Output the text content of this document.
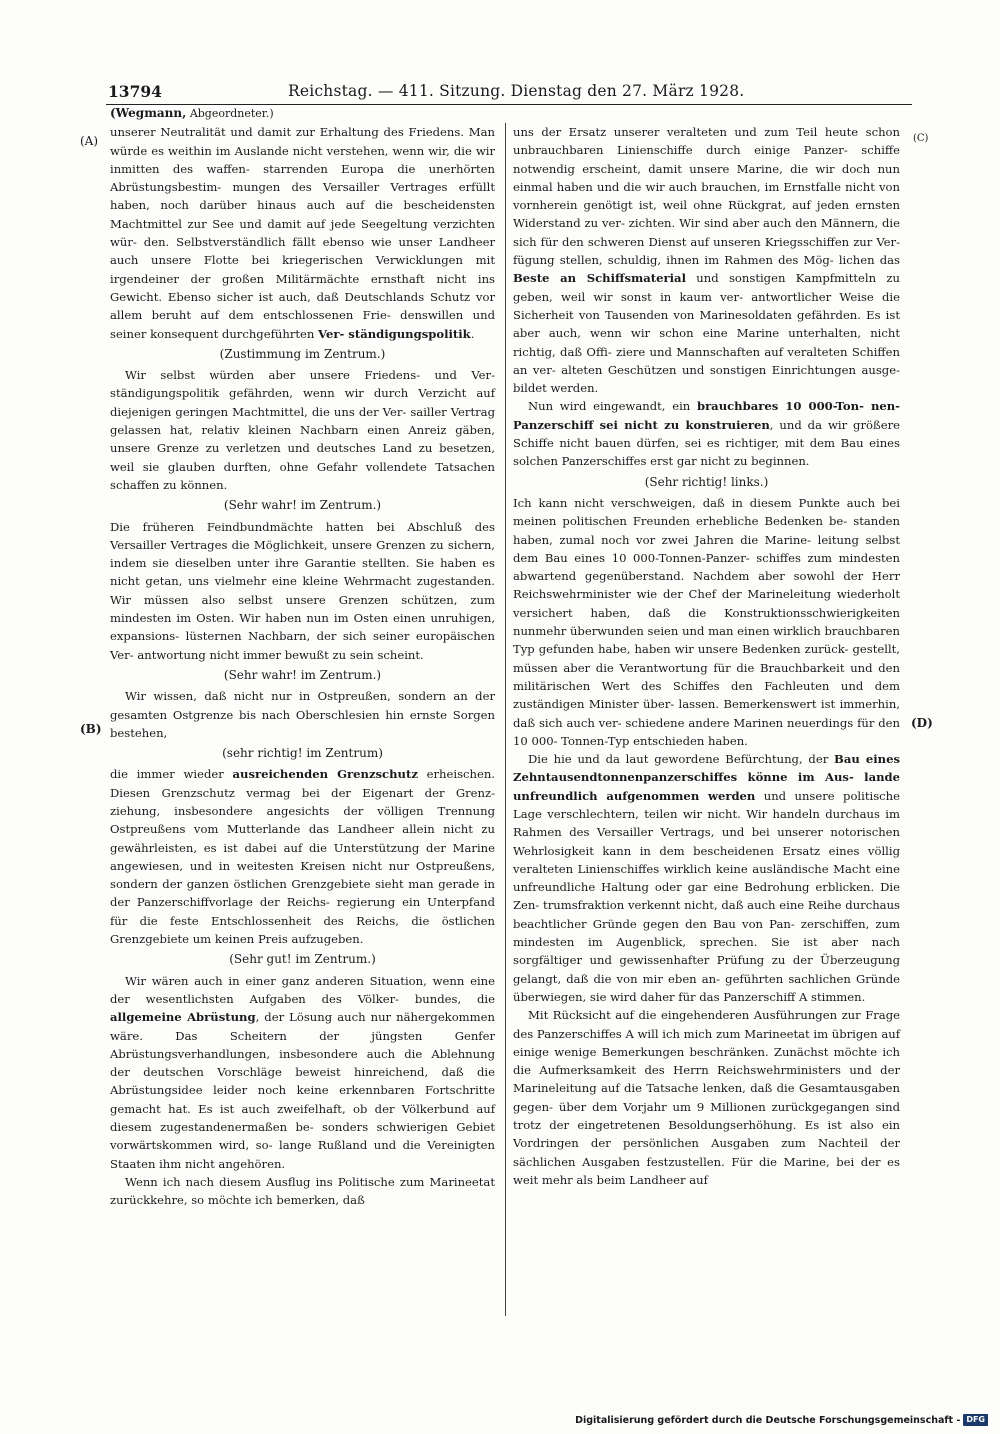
13794	Reichstag. — 411. Sitzung. Dienstag den 27. März 1928.
(A)
(B)
(C)
(D)

(Wegmann, Abgeordneter.)

unserer Neutralität und damit zur Erhaltung des Friedens. Man würde es weithin im Auslande nicht verstehen, wenn wir, die wir inmitten des waffen- starrenden Europa die unerhörten Abrüstungsbestim- mungen des Versailler Vertrages erfüllt haben, noch darüber hinaus auch auf die bescheidensten Machtmittel zur See und damit auf jede Seegeltung verzichten wür- den. Selbstverständlich fällt ebenso wie unser Landheer auch unsere Flotte bei kriegerischen Verwicklungen mit irgendeiner der großen Militärmächte ernsthaft nicht ins Gewicht. Ebenso sicher ist auch, daß Deutschlands Schutz vor allem beruht auf dem entschlossenen Frie- denswillen und seiner konsequent durchgeführten Ver- ständigungspolitik.

(Zustimmung im Zentrum.)

Wir selbst würden aber unsere Friedens- und Ver- ständigungspolitik gefährden, wenn wir durch Verzicht auf diejenigen geringen Machtmittel, die uns der Ver- sailler Vertrag gelassen hat, relativ kleinen Nachbarn einen Anreiz gäben, unsere Grenze zu verletzen und deutsches Land zu besetzen, weil sie glauben durften, ohne Gefahr vollendete Tatsachen schaffen zu können.

(Sehr wahr! im Zentrum.)

Die früheren Feindbundmächte hatten bei Abschluß des Versailler Vertrages die Möglichkeit, unsere Grenzen zu sichern, indem sie dieselben unter ihre Garantie stellten. Sie haben es nicht getan, uns vielmehr eine kleine Wehrmacht zugestanden. Wir müssen also selbst unsere Grenzen schützen, zum mindesten im Osten. Wir haben nun im Osten einen unruhigen, expansions- lüsternen Nachbarn, der sich seiner europäischen Ver- antwortung nicht immer bewußt zu sein scheint.

(Sehr wahr! im Zentrum.)

Wir wissen, daß nicht nur in Ostpreußen, sondern an der gesamten Ostgrenze bis nach Oberschlesien hin ernste Sorgen bestehen,

(sehr richtig! im Zentrum)

die immer wieder ausreichenden Grenzschutz erheischen. Diesen Grenzschutz vermag bei der Eigenart der Grenz- ziehung, insbesondere angesichts der völligen Trennung Ostpreußens vom Mutterlande das Landheer allein nicht zu gewährleisten, es ist dabei auf die Unterstützung der Marine angewiesen, und in weitesten Kreisen nicht nur Ostpreußens, sondern der ganzen östlichen Grenzgebiete sieht man gerade in der Panzerschiffvorlage der Reichs- regierung ein Unterpfand für die feste Entschlossenheit des Reichs, die östlichen Grenzgebiete um keinen Preis aufzugeben.

(Sehr gut! im Zentrum.)

Wir wären auch in einer ganz anderen Situation, wenn eine der wesentlichsten Aufgaben des Völker- bundes, die allgemeine Abrüstung, der Lösung auch nur nähergekommen wäre. Das Scheitern der jüngsten Genfer Abrüstungsverhandlungen, insbesondere auch die Ablehnung der deutschen Vorschläge beweist hinreichend, daß die Abrüstungsidee leider noch keine erkennbaren Fortschritte gemacht hat. Es ist auch zweifelhaft, ob der Völkerbund auf diesem zugestandenermaßen be- sonders schwierigen Gebiet vorwärtskommen wird, so- lange Rußland und die Vereinigten Staaten ihm nicht angehören.

Wenn ich nach diesem Ausflug ins Politische zum Marineetat zurückkehre, so möchte ich bemerken, daß

uns der Ersatz unserer veralteten und zum Teil heute schon unbrauchbaren Linienschiffe durch einige Panzer- schiffe notwendig erscheint, damit unsere Marine, die wir doch nun einmal haben und die wir auch brauchen, im Ernstfalle nicht von vornherein genötigt ist, weil ohne Rückgrat, auf jeden ernsten Widerstand zu ver- zichten. Wir sind aber auch den Männern, die sich für den schweren Dienst auf unseren Kriegsschiffen zur Ver- fügung stellen, schuldig, ihnen im Rahmen des Mög- lichen das Beste an Schiffsmaterial und sonstigen Kampfmitteln zu geben, weil wir sonst in kaum ver- antwortlicher Weise die Sicherheit von Tausenden von Marinesoldaten gefährden. Es ist aber auch, wenn wir schon eine Marine unterhalten, nicht richtig, daß Offi- ziere und Mannschaften auf veralteten Schiffen an ver- alteten Geschützen und sonstigen Einrichtungen ausge- bildet werden.

Nun wird eingewandt, ein brauchbares 10 000-Ton- nen-Panzerschiff sei nicht zu konstruieren, und da wir größere Schiffe nicht bauen dürfen, sei es richtiger, mit dem Bau eines solchen Panzerschiffes erst gar nicht zu beginnen.

(Sehr richtig! links.)

Ich kann nicht verschweigen, daß in diesem Punkte auch bei meinen politischen Freunden erhebliche Bedenken be- standen haben, zumal noch vor zwei Jahren die Marine- leitung selbst dem Bau eines 10 000-Tonnen-Panzer- schiffes zum mindesten abwartend gegenüberstand. Nachdem aber sowohl der Herr Reichswehrminister wie der Chef der Marineleitung wiederholt versichert haben, daß die Konstruktionsschwierigkeiten nunmehr überwunden seien und man einen wirklich brauchbaren Typ gefunden habe, haben wir unsere Bedenken zurück- gestellt, müssen aber die Verantwortung für die Brauchbarkeit und den militärischen Wert des Schiffes den Fachleuten und dem zuständigen Minister über- lassen. Bemerkenswert ist immerhin, daß sich auch ver- schiedene andere Marinen neuerdings für den 10 000- Tonnen-Typ entschieden haben.

Die hie und da laut gewordene Befürchtung, der Bau eines Zehntausendtonnenpanzerschiffes könne im Aus- lande unfreundlich aufgenommen werden und unsere politische Lage verschlechtern, teilen wir nicht. Wir handeln durchaus im Rahmen des Versailler Vertrags, und bei unserer notorischen Wehrlosigkeit kann in dem bescheidenen Ersatz eines völlig veralteten Linienschiffes wirklich keine ausländische Macht eine unfreundliche Haltung oder gar eine Bedrohung erblicken. Die Zen- trumsfraktion verkennt nicht, daß auch eine Reihe durchaus beachtlicher Gründe gegen den Bau von Pan- zerschiffen, zum mindesten im Augenblick, sprechen. Sie ist aber nach sorgfältiger und gewissenhafter Prüfung zu der Überzeugung gelangt, daß die von mir eben an- geführten sachlichen Gründe überwiegen, sie wird daher für das Panzerschiff A stimmen.

Mit Rücksicht auf die eingehenderen Ausführungen zur Frage des Panzerschiffes A will ich mich zum Marineetat im übrigen auf einige wenige Bemerkungen beschränken. Zunächst möchte ich die Aufmerksamkeit des Herrn Reichswehrministers und der Marineleitung auf die Tatsache lenken, daß die Gesamtausgaben gegen- über dem Vorjahr um 9 Millionen zurückgegangen sind trotz der eingetretenen Besoldungserhöhung. Es ist also ein Vordringen der persönlichen Ausgaben zum Nachteil der sächlichen Ausgaben festzustellen. Für die Marine, bei der es weit mehr als beim Landheer auf

Digitalisierung gefördert durch die Deutsche Forschungsgemeinschaft - DFG
